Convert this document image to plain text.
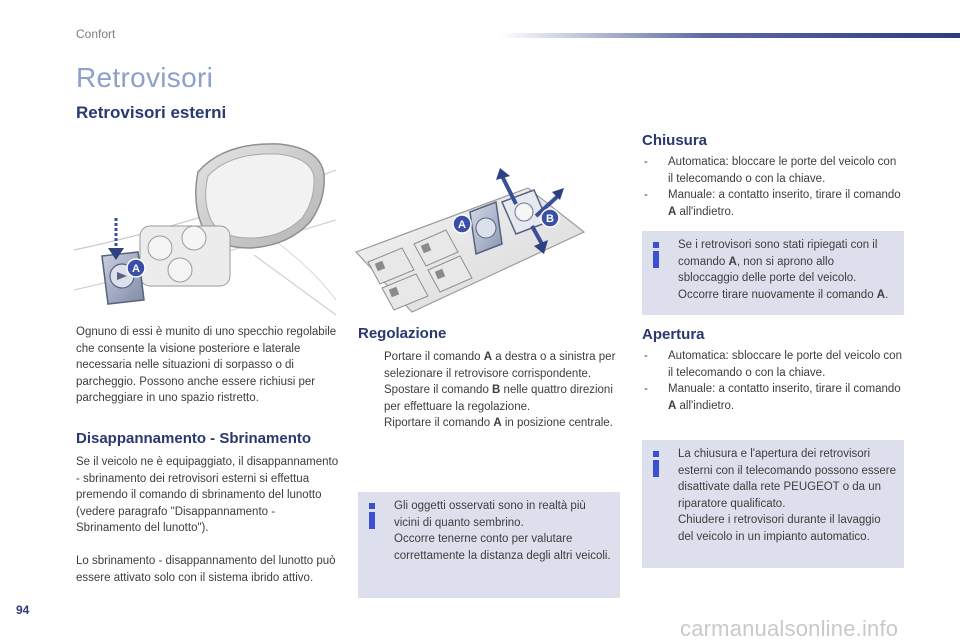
Confort
Retrovisori
Retrovisori esterni
A
A	B

Ognuno di essi è munito di uno specchio regolabile che consente la visione posteriore e laterale necessaria nelle situazioni di sorpasso o di parcheggio. Possono anche essere richiusi per parcheggiare in uno spazio ristretto.

Disappannamento - Sbrinamento

Se il veicolo ne è equipaggiato, il disappannamento - sbrinamento dei retrovisori esterni si effettua premendo il comando di sbrinamento del lunotto (vedere paragrafo "Disappannamento - Sbrinamento del lunotto").

Lo sbrinamento - disappannamento del lunotto può essere attivato solo con il sistema ibrido attivo.

Regolazione
Portare il comando A a destra o a sinistra per selezionare il retrovisore corrispondente.
Spostare il comando B nelle quattro direzioni per effettuare la regolazione.
Riportare il comando A in posizione centrale.
Gli oggetti osservati sono in realtà più vicini di quanto sembrino.
Occorre tenerne conto per valutare correttamente la distanza degli altri veicoli.
Chiusura
-	Automatica: bloccare le porte del veicolo con il telecomando o con la chiave.
-	Manuale: a contatto inserito, tirare il comando A all'indietro.
Se i retrovisori sono stati ripiegati con il comando A, non si aprono allo sbloccaggio delle porte del veicolo. Occorre tirare nuovamente il comando A.
Apertura
-	Automatica: sbloccare le porte del veicolo con il telecomando o con la chiave.
-	Manuale: a contatto inserito, tirare il comando A all'indietro.
La chiusura e l'apertura dei retrovisori esterni con il telecomando possono essere disattivate dalla rete PEUGEOT o da un riparatore qualificato.
Chiudere i retrovisori durante il lavaggio del veicolo in un impianto automatico.
94
carmanualsonline.info
